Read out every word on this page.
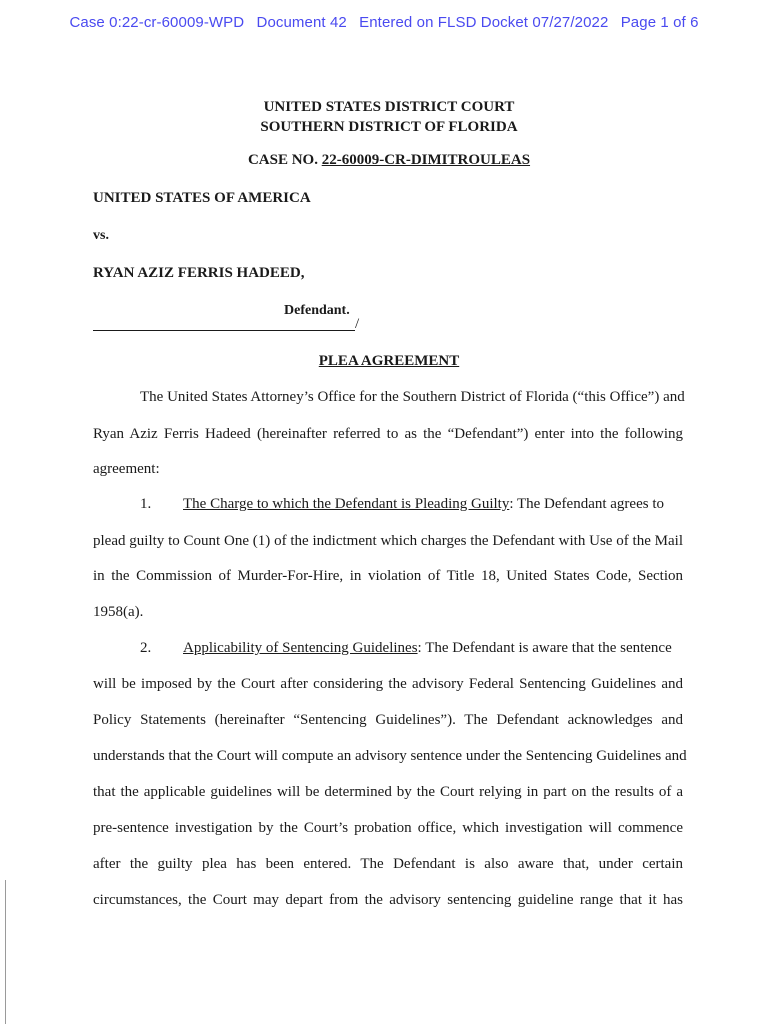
Case 0:22-cr-60009-WPD Document 42 Entered on FLSD Docket 07/27/2022 Page 1 of 6
UNITED STATES DISTRICT COURT
SOUTHERN DISTRICT OF FLORIDA
CASE NO. 22-60009-CR-DIMITROULEAS
UNITED STATES OF AMERICA
vs.
RYAN AZIZ FERRIS HADEED,
Defendant.
/
PLEA AGREEMENT
The United States Attorney’s Office for the Southern District of Florida (“this Office”) and
Ryan Aziz Ferris Hadeed (hereinafter referred to as the “Defendant”) enter into the following
agreement:
1. The Charge to which the Defendant is Pleading Guilty: The Defendant agrees to
plead guilty to Count One (1) of the indictment which charges the Defendant with Use of the Mail
in the Commission of Murder-For-Hire, in violation of Title 18, United States Code, Section
1958(a).
2. Applicability of Sentencing Guidelines: The Defendant is aware that the sentence
will be imposed by the Court after considering the advisory Federal Sentencing Guidelines and
Policy Statements (hereinafter “Sentencing Guidelines”). The Defendant acknowledges and
understands that the Court will compute an advisory sentence under the Sentencing Guidelines and
that the applicable guidelines will be determined by the Court relying in part on the results of a
pre-sentence investigation by the Court’s probation office, which investigation will commence
after the guilty plea has been entered. The Defendant is also aware that, under certain
circumstances, the Court may depart from the advisory sentencing guideline range that it has
